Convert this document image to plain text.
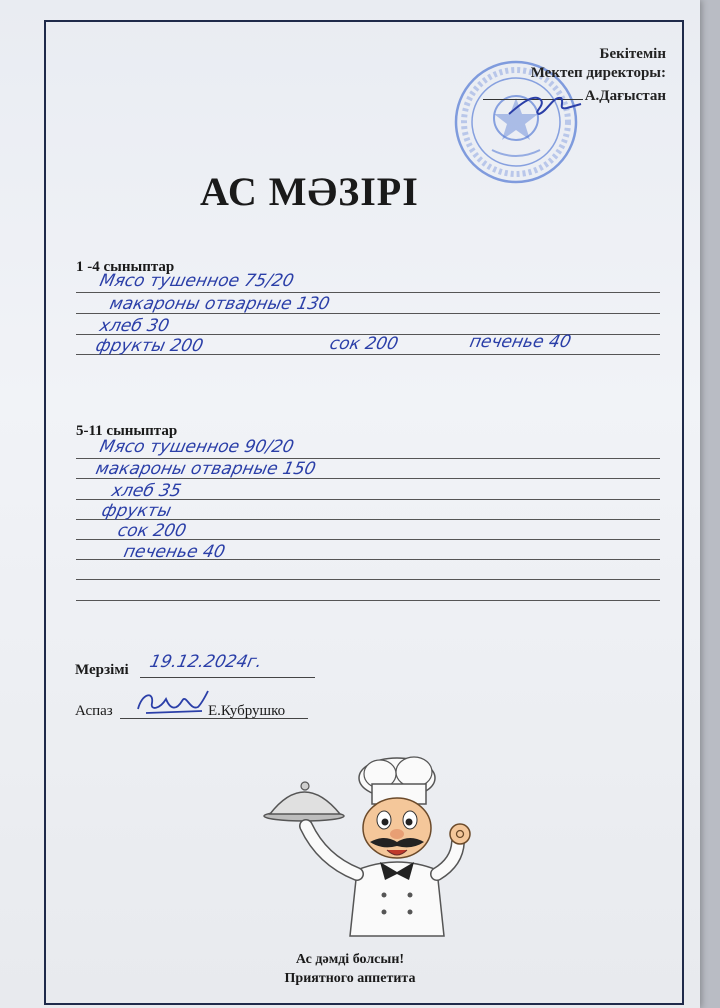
Бекітемін
Мектеп директоры:
А.Дағыстан
АС МӘЗІРІ
1 -4 сыныптар
Мясо тушенное 75/20
макароны отварные 130
хлеб 30
фрукты 200	сок 200	печенье 40
5-11 сыныптар
Мясо тушенное 90/20
макароны отварные 150
хлеб 35
фрукты
сок 200
печенье 40
Мерзімі 19.12.2024г.
Аспаз	Е.Кубрушко
Ас дәмді болсын!
Приятного аппетита
